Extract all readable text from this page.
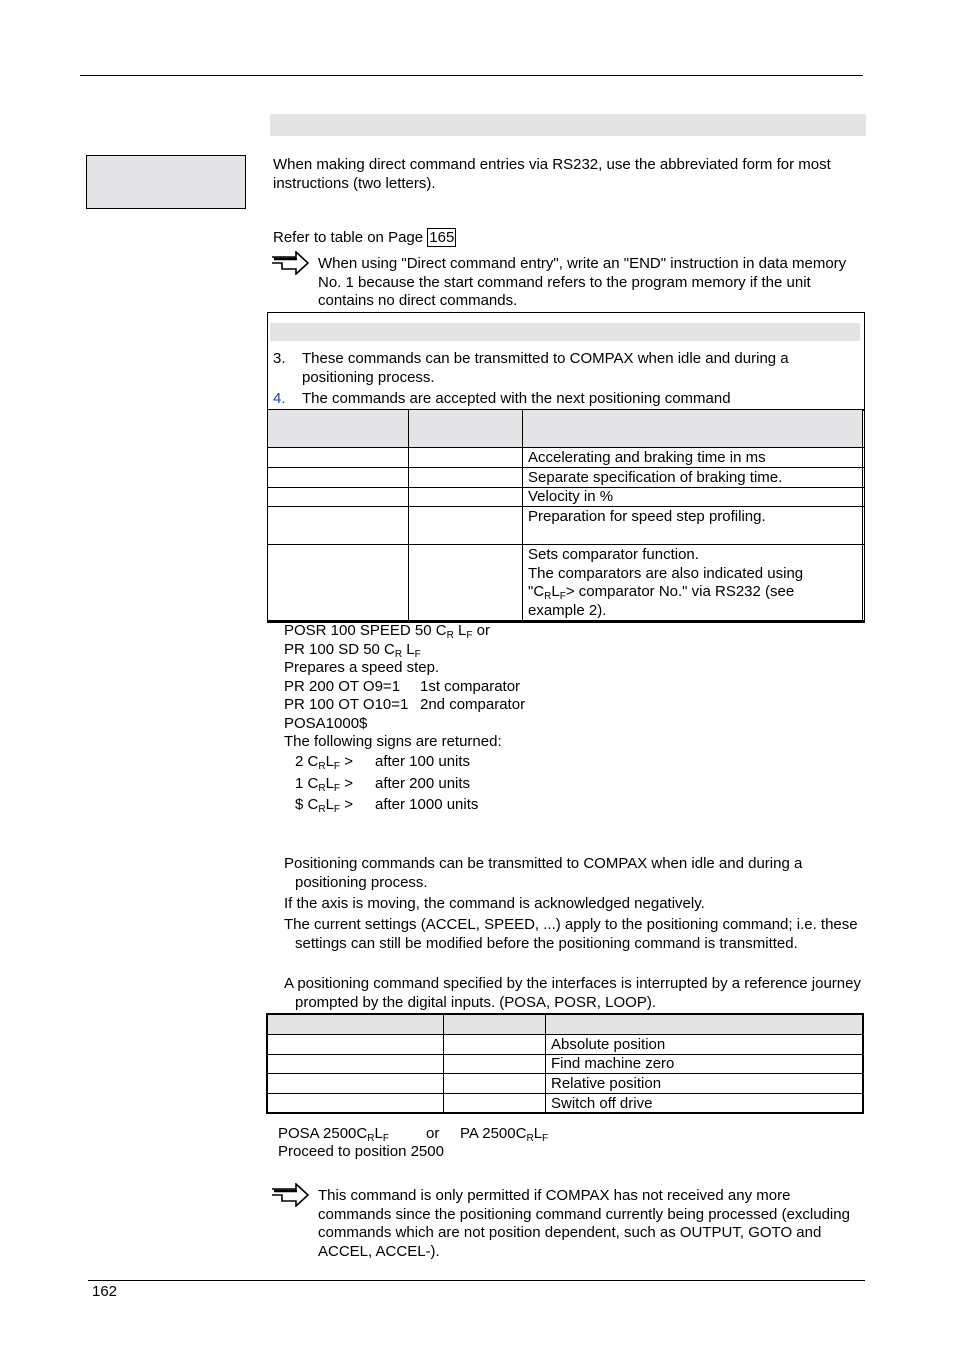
When making direct command entries via RS232, use the abbreviated form for most instructions (two letters).
Refer to table on Page 165
When using "Direct command entry", write an "END" instruction in data memory No. 1 because the start command refers to the program memory if the unit contains no direct commands.
3. These commands can be transmitted to COMPAX when idle and during a positioning process.
4. The commands are accepted with the next positioning command
Accelerating and braking time in ms
Separate specification of braking time.
Velocity in %
Preparation for speed step profiling.
Sets comparator function.
The comparators are also indicated using
"$C_RL_F>$ comparator No." via RS232 (see
example 2).
POSR 100 SPEED 50 $C_R$ $L_F$ or
PR 100 SD 50 $C_R$ $L_F$
Prepares a speed step.
PR 200 OT O9=1 1st comparator
PR 100 OT O10=1 2nd comparator
POSA1000$
The following signs are returned:
2 $C_RL_F$ > after 100 units
1 $C_RL_F$ > after 200 units
$ $C_RL_F$ > after 1000 units
Positioning commands can be transmitted to COMPAX when idle and during a positioning process.
If the axis is moving, the command is acknowledged negatively.
The current settings (ACCEL, SPEED, ...) apply to the positioning command; i.e. these settings can still be modified before the positioning command is transmitted.
A positioning command specified by the interfaces is interrupted by a reference journey prompted by the digital inputs. (POSA, POSR, LOOP).
Absolute position
Find machine zero
Relative position
Switch off drive
POSA $2500C_RL_F$ or PA $2500C_RL_F$
Proceed to position 2500
This command is only permitted if COMPAX has not received any more commands since the positioning command currently being processed (excluding commands which are not position dependent, such as OUTPUT, GOTO and ACCEL, ACCEL-).
162
